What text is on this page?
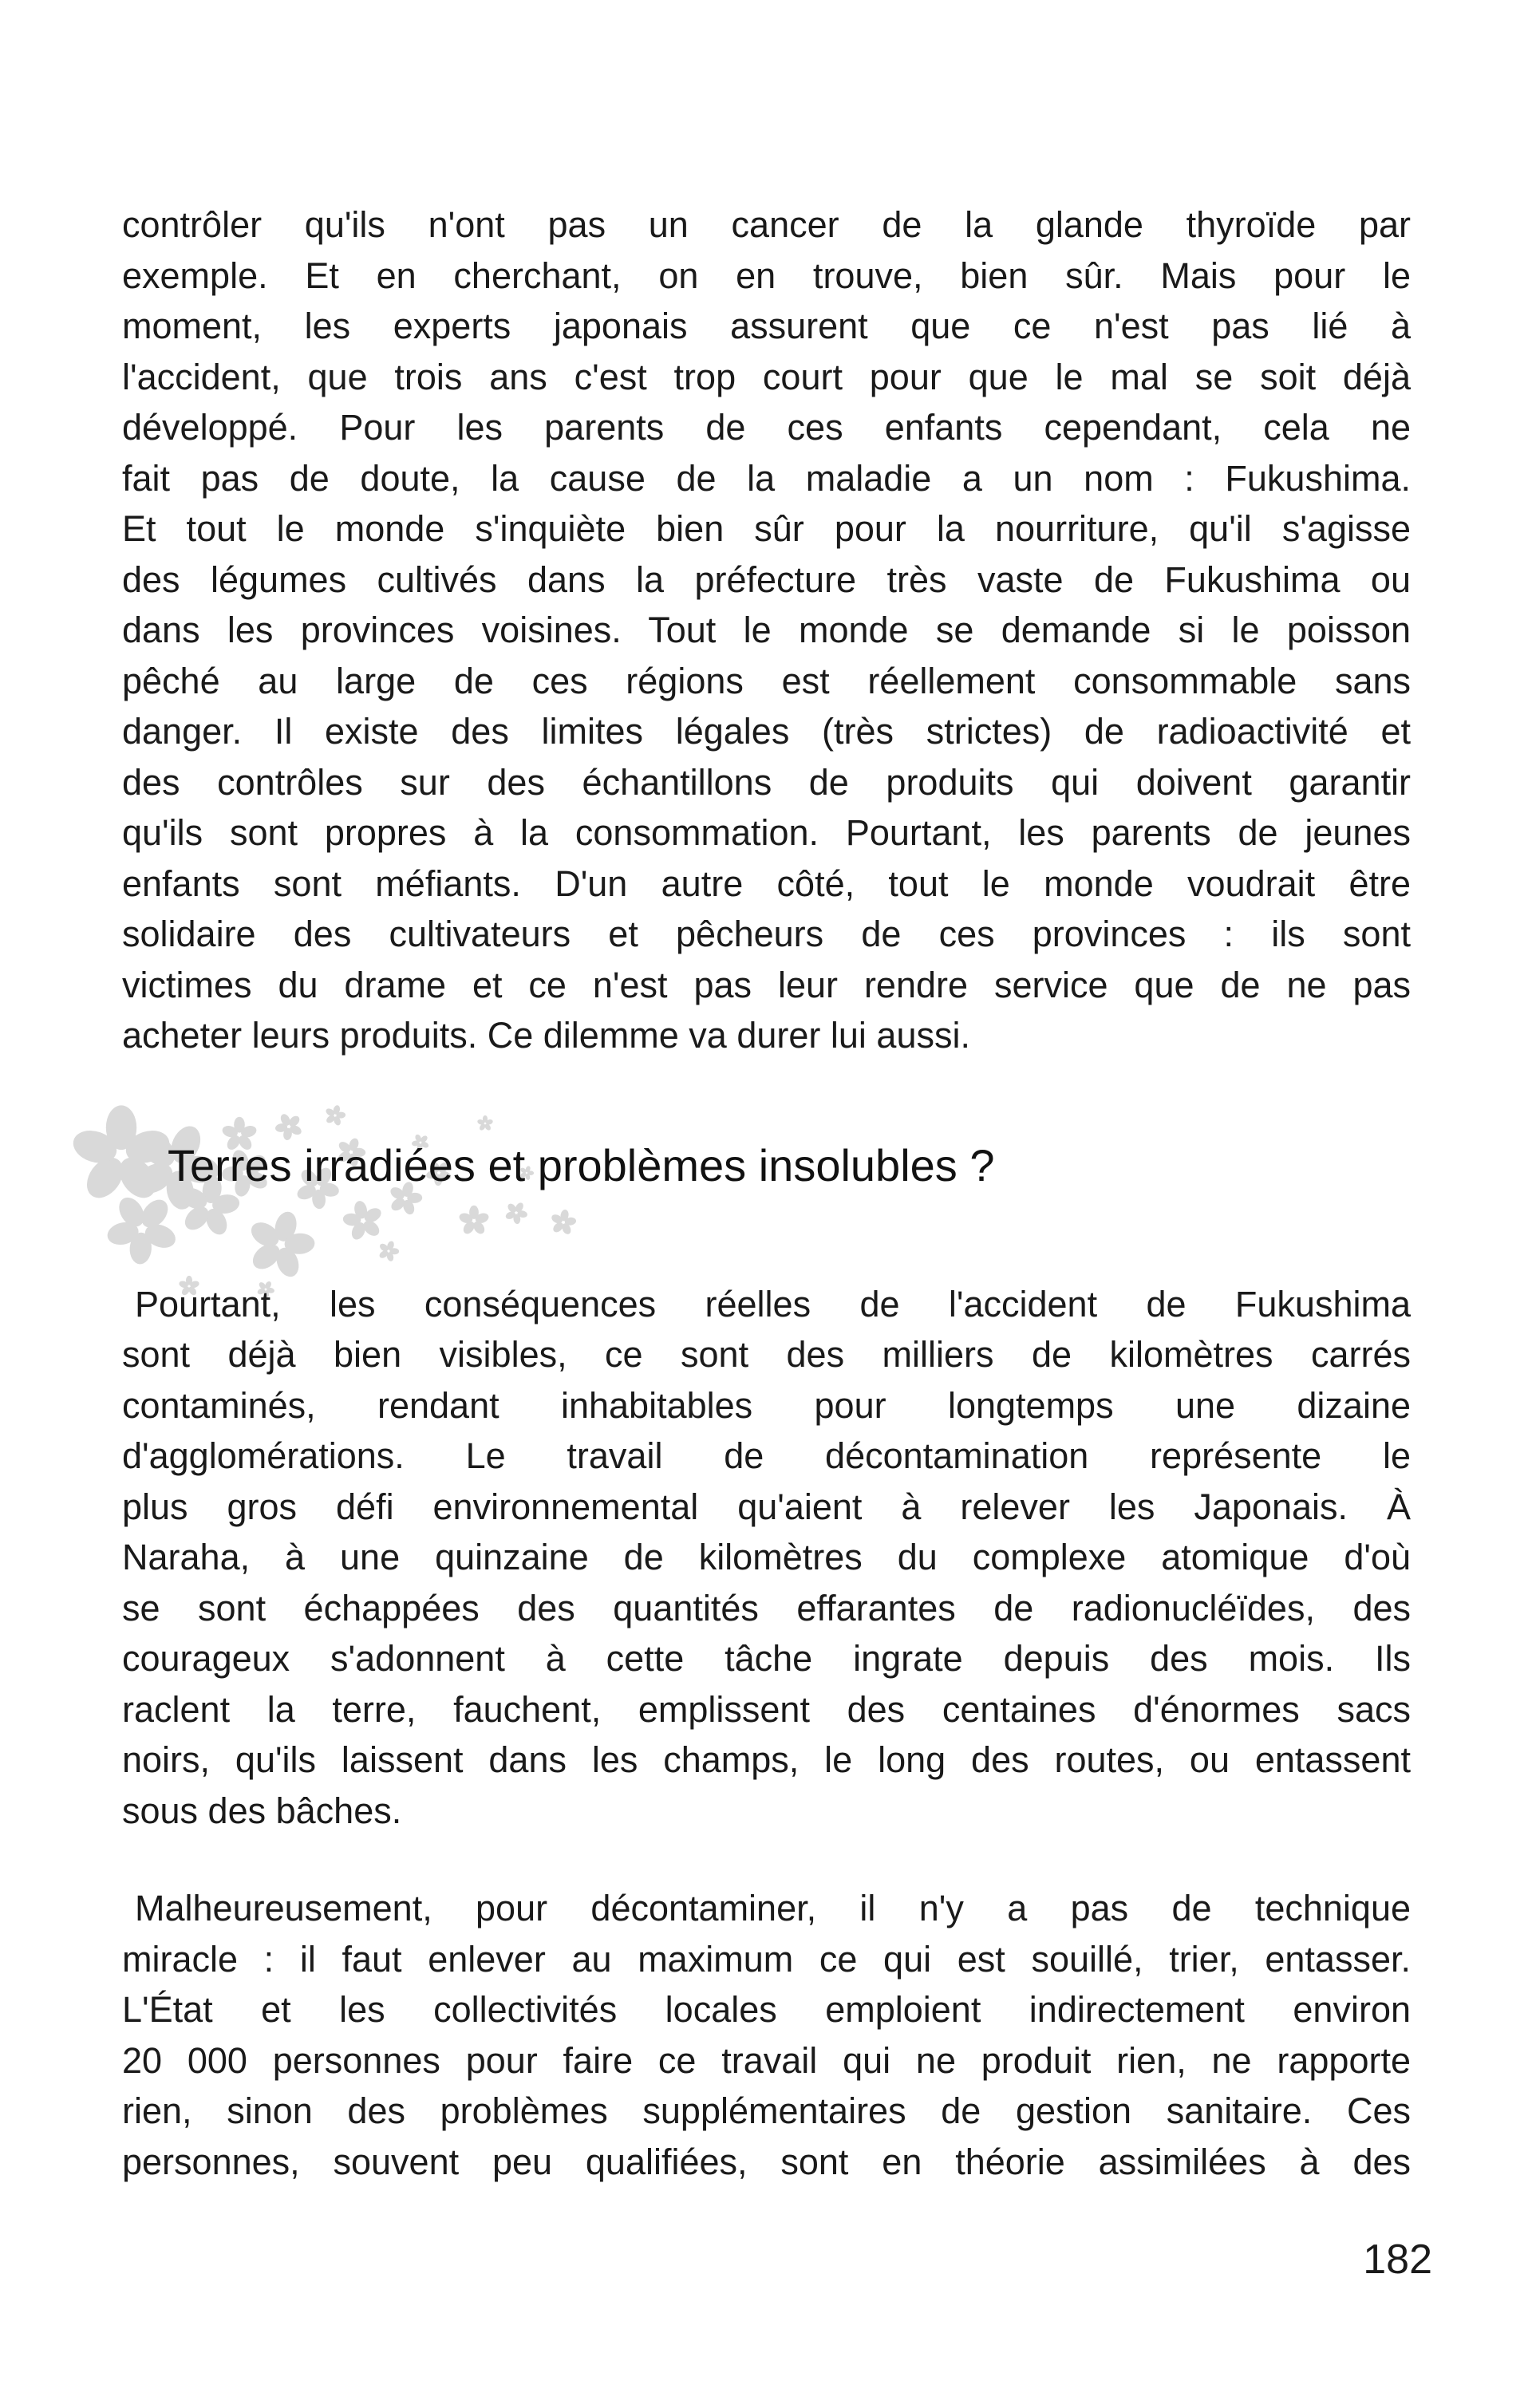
contrôler qu'ils n'ont pas un cancer de la glande thyroïde par
exemple. Et en cherchant, on en trouve, bien sûr. Mais pour le
moment, les experts japonais assurent que ce n'est pas lié à
l'accident, que trois ans c'est trop court pour que le mal se soit déjà
développé. Pour les parents de ces enfants cependant, cela ne
fait pas de doute, la cause de la maladie a un nom : Fukushima.
Et tout le monde s'inquiète bien sûr pour la nourriture, qu'il s'agisse
des légumes cultivés dans la préfecture très vaste de Fukushima ou
dans les provinces voisines. Tout le monde se demande si le poisson
pêché au large de ces régions est réellement consommable sans
danger. Il existe des limites légales (très strictes) de radioactivité et
des contrôles sur des échantillons de produits qui doivent garantir
qu'ils sont propres à la consommation. Pourtant, les parents de jeunes
enfants sont méfiants. D'un autre côté, tout le monde voudrait être
solidaire des cultivateurs et pêcheurs de ces provinces : ils sont
victimes du drame et ce n'est pas leur rendre service que de ne pas
acheter leurs produits. Ce dilemme va durer lui aussi.
Terres irradiées et problèmes insolubles ?
Pourtant, les conséquences réelles de l'accident de Fukushima
sont déjà bien visibles, ce sont des milliers de kilomètres carrés
contaminés, rendant inhabitables pour longtemps une dizaine
d'agglomérations. Le travail de décontamination représente le
plus gros défi environnemental qu'aient à relever les Japonais. À
Naraha, à une quinzaine de kilomètres du complexe atomique d'où
se sont échappées des quantités effarantes de radionucléïdes, des
courageux s'adonnent à cette tâche ingrate depuis des mois. Ils
raclent la terre, fauchent, emplissent des centaines d'énormes sacs
noirs, qu'ils laissent dans les champs, le long des routes, ou entassent
sous des bâches.
Malheureusement, pour décontaminer, il n'y a pas de technique
miracle : il faut enlever au maximum ce qui est souillé, trier, entasser.
L'État et les collectivités locales emploient indirectement environ
20 000 personnes pour faire ce travail qui ne produit rien, ne rapporte
rien, sinon des problèmes supplémentaires de gestion sanitaire. Ces
personnes, souvent peu qualifiées, sont en théorie assimilées à des
182
